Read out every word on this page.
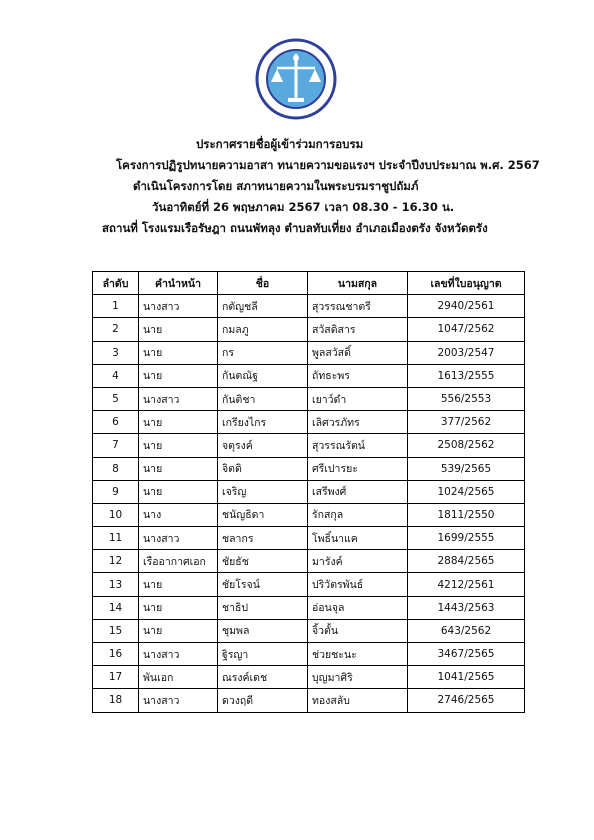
ประกาศรายชื่อผู้เข้าร่วมการอบรม
โครงการปฏิรูปทนายความอาสา ทนายความขอแรงฯ ประจำปีงบประมาณ พ.ศ. 2567
ดำเนินโครงการโดย สภาทนายความในพระบรมราชูปถัมภ์
วันอาทิตย์ที่ 26 พฤษภาคม 2567 เวลา 08.30 - 16.30 น.
สถานที่ โรงแรมเรือรัษฎา ถนนพัทลุง ตำบลทับเที่ยง อำเภอเมืองตรัง จังหวัดตรัง
ลำดับ	คำนำหน้า	ชื่อ	นามสกุล	เลขที่ใบอนุญาต
1	นางสาว	กตัญชลี	สุวรรณชาตรี	2940/2561
2	นาย	กมลภู	สวัสดิสาร	1047/2562
3	นาย	กร	พูลสวัสดิ์	2003/2547
4	นาย	กันตณัฐ	ถัทธะพร	1613/2555
5	นางสาว	กันติชา	เยาว์ดำ	556/2553
6	นาย	เกรียงไกร	เลิศวรภัทร	377/2562
7	นาย	จตุรงค์	สุวรรณรัตน์	2508/2562
8	นาย	จิตติ	ศรีเปารยะ	539/2565
9	นาย	เจริญ	เสรีพงศ์	1024/2565
10	นาง	ชนัญธิดา	รักสกุล	1811/2550
11	นางสาว	ชลากร	โพธิ์นาแค	1699/2555
12	เรืออากาศเอก	ชัยธัช	มารังค์	2884/2565
13	นาย	ชัยโรจน์	ปริวัตรพันธ์	4212/2561
14	นาย	ชาธิป	อ่อนจุล	1443/2563
15	นาย	ชุมพล	จิ้วตั้น	643/2562
16	นางสาว	ฐิรญา	ช่วยชะนะ	3467/2565
17	พันเอก	ณรงค์เดช	บุญมาศิริ	1041/2565
18	นางสาว	ดวงฤดี	ทองสลับ	2746/2565
